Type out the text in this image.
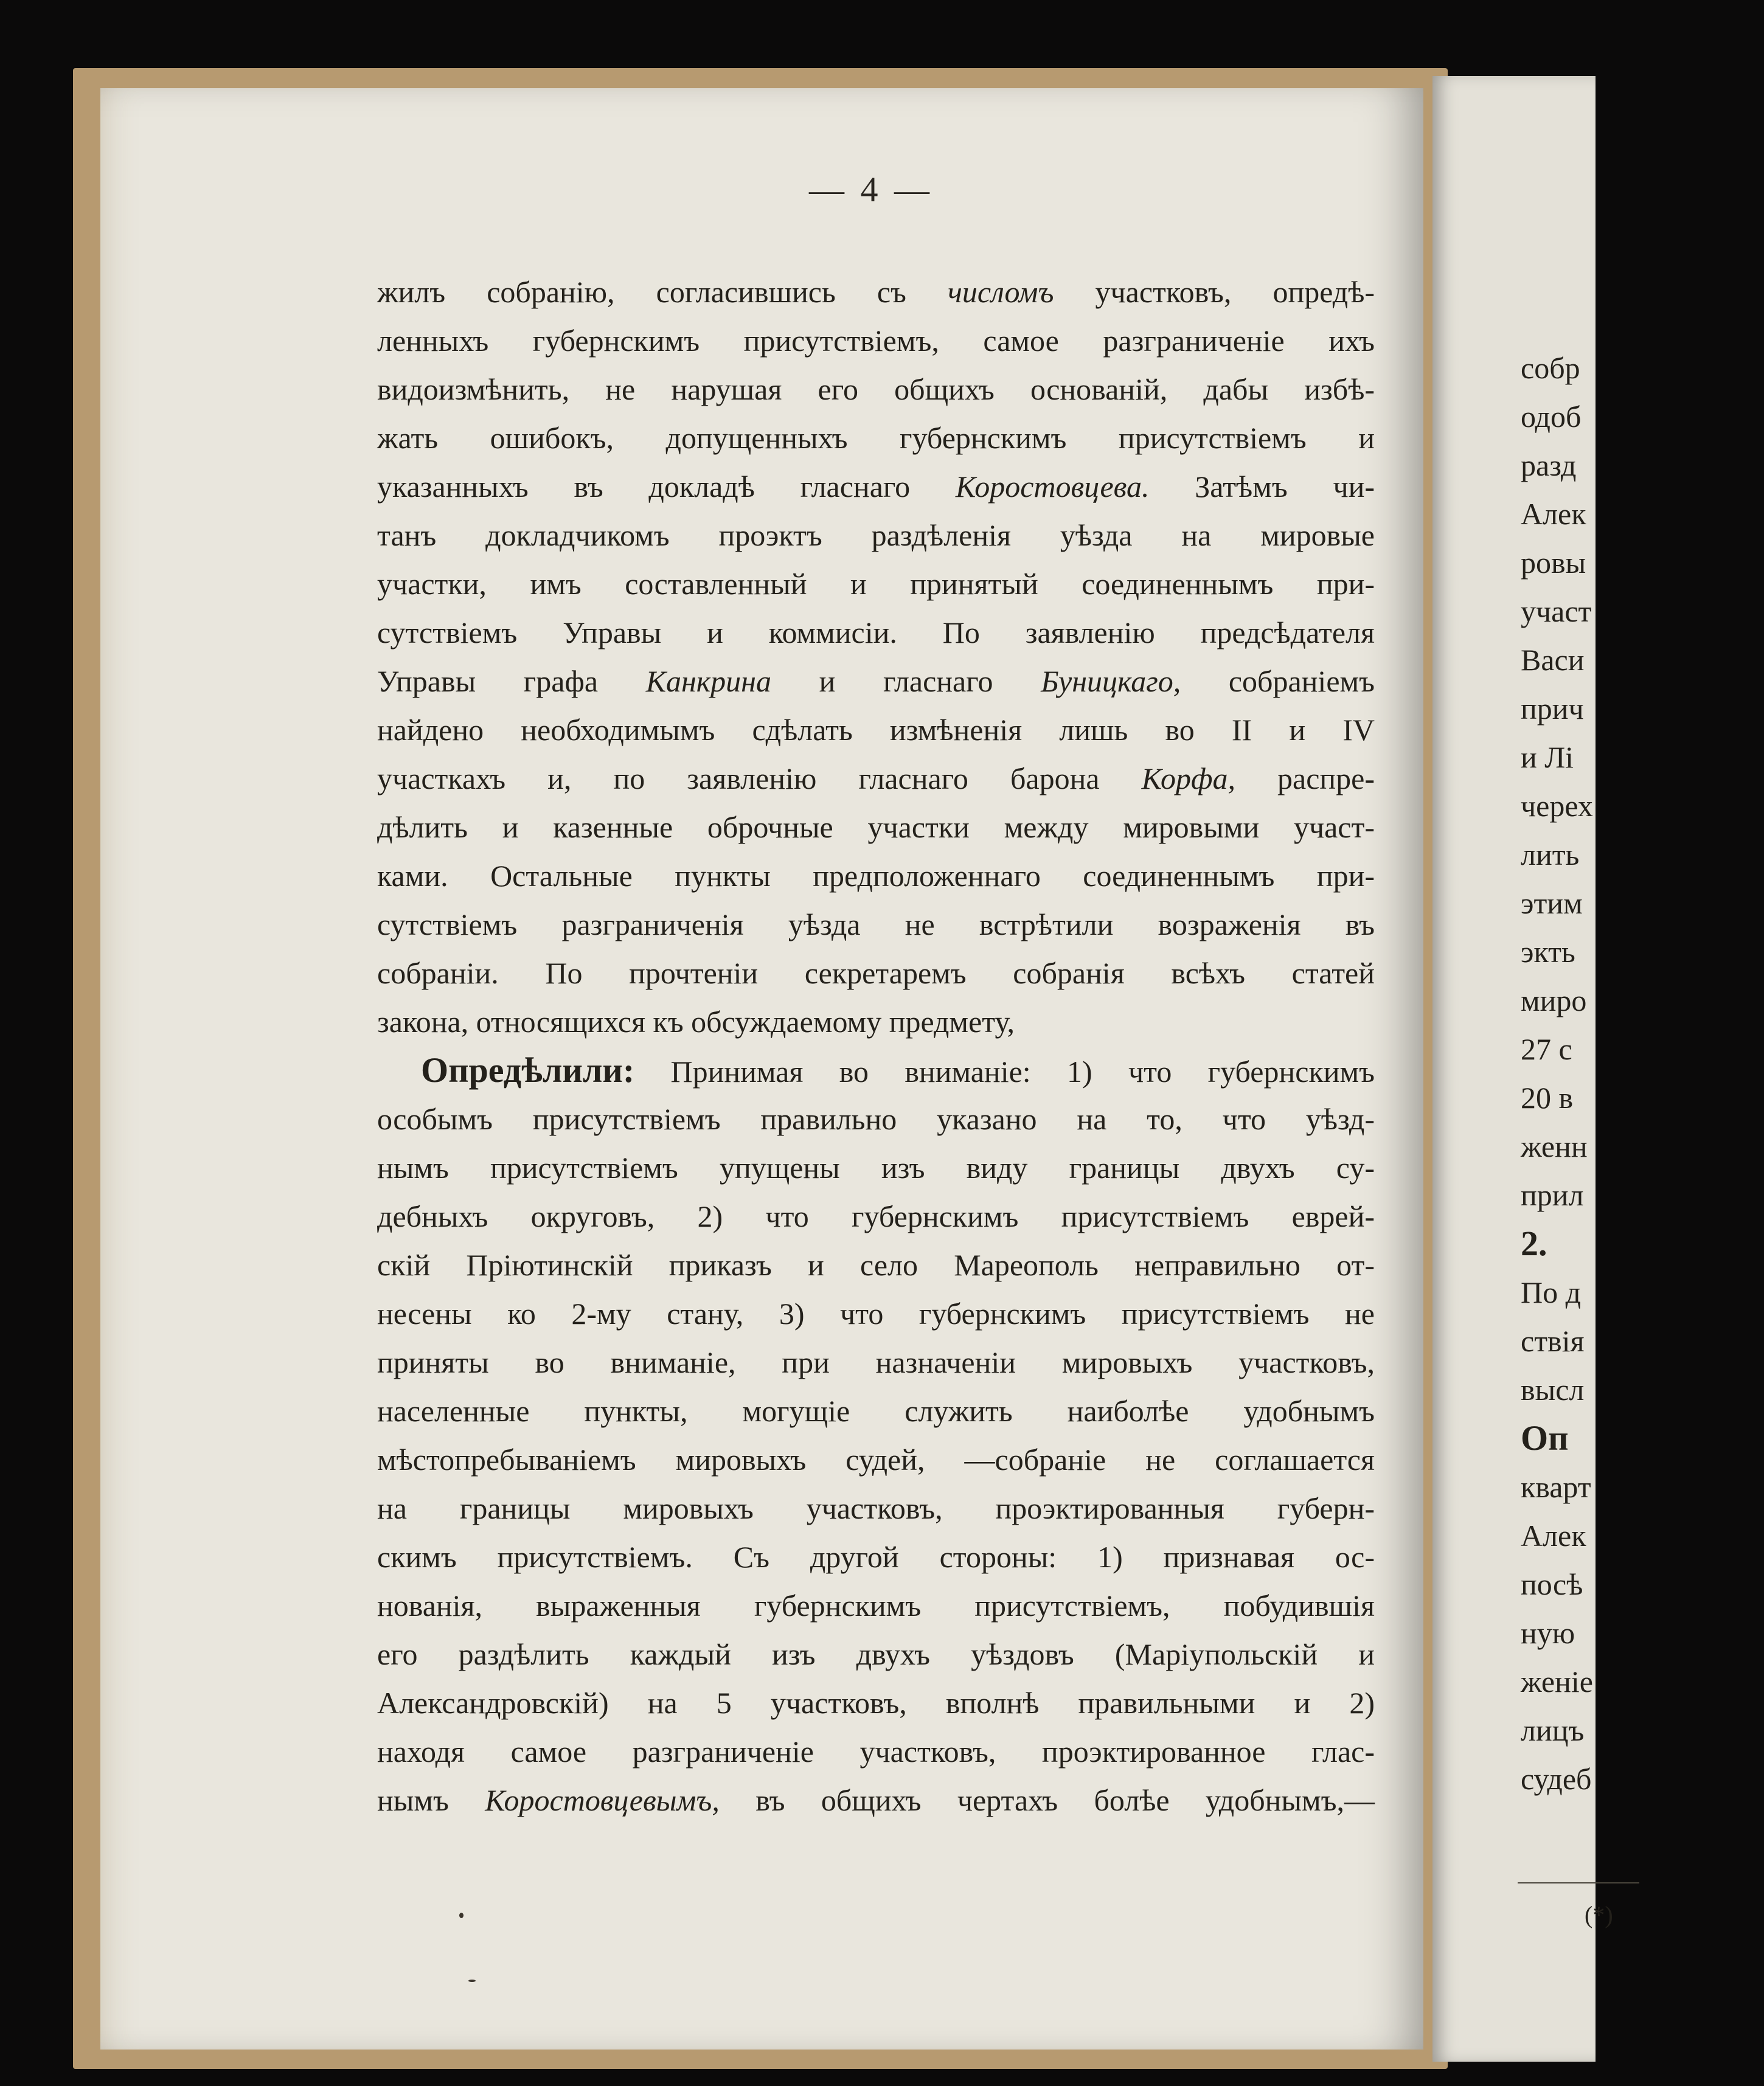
— 4 —
жилъ собранію, согласившись съ числомъ участковъ, опредѣ-
ленныхъ губернскимъ присутствіемъ, самое разграниченіе ихъ
видоизмѣнить, не нарушая его общихъ основаній, дабы избѣ-
жать ошибокъ, допущенныхъ губернскимъ присутствіемъ и
указанныхъ въ докладѣ гласнаго Коростовцева. Затѣмъ чи-
танъ докладчикомъ проэктъ раздѣленія уѣзда на мировые
участки, имъ составленный и принятый соединеннымъ при-
сутствіемъ Управы и коммисіи. По заявленію предсѣдателя
Управы графа Канкрина и гласнаго Буницкаго, собраніемъ
найдено необходимымъ сдѣлать измѣненія лишь во II и IV
участкахъ и, по заявленію гласнаго барона Корфа, распре-
дѣлить и казенные оброчные участки между мировыми участ-
ками. Остальные пункты предположеннаго соединеннымъ при-
сутствіемъ разграниченія уѣзда не встрѣтили возраженія въ
собраніи. По прочтеніи секретаремъ собранія всѣхъ статей
закона, относящихся къ обсуждаемому предмету,
Опредѣлили: Принимая во вниманіе: 1) что губернскимъ
особымъ присутствіемъ правильно указано на то, что уѣзд-
нымъ присутствіемъ упущены изъ виду границы двухъ су-
дебныхъ округовъ, 2) что губернскимъ присутствіемъ еврей-
скій Пріютинскій приказъ и село Мареополь неправильно от-
несены ко 2-му стану, 3) что губернскимъ присутствіемъ не
приняты во вниманіе, при назначеніи мировыхъ участковъ,
населенные пункты, могущіе служить наиболѣе удобнымъ
мѣстопребываніемъ мировыхъ судей, —собраніе не соглашается
на границы мировыхъ участковъ, проэктированныя губерн-
скимъ присутствіемъ. Съ другой стороны: 1) признавая ос-
нованія, выраженныя губернскимъ присутствіемъ, побудившія
его раздѣлить каждый изъ двухъ уѣздовъ (Маріупольскій и
Александровскій) на 5 участковъ, вполнѣ правильными и 2)
находя самое разграниченіе участковъ, проэктированное глас-
нымъ Коростовцевымъ, въ общихъ чертахъ болѣе удобнымъ,—
собр
одоб
разд
Алек
ровы
участ
Васи
прич
и Лі
черех
лить
этим
экть
миро
27 с
20 в
женн
прил
2.
По д
ствія
высл
Оп
кварт
Алек
посѣ
ную
женіе
лицъ
судеб
(*)
